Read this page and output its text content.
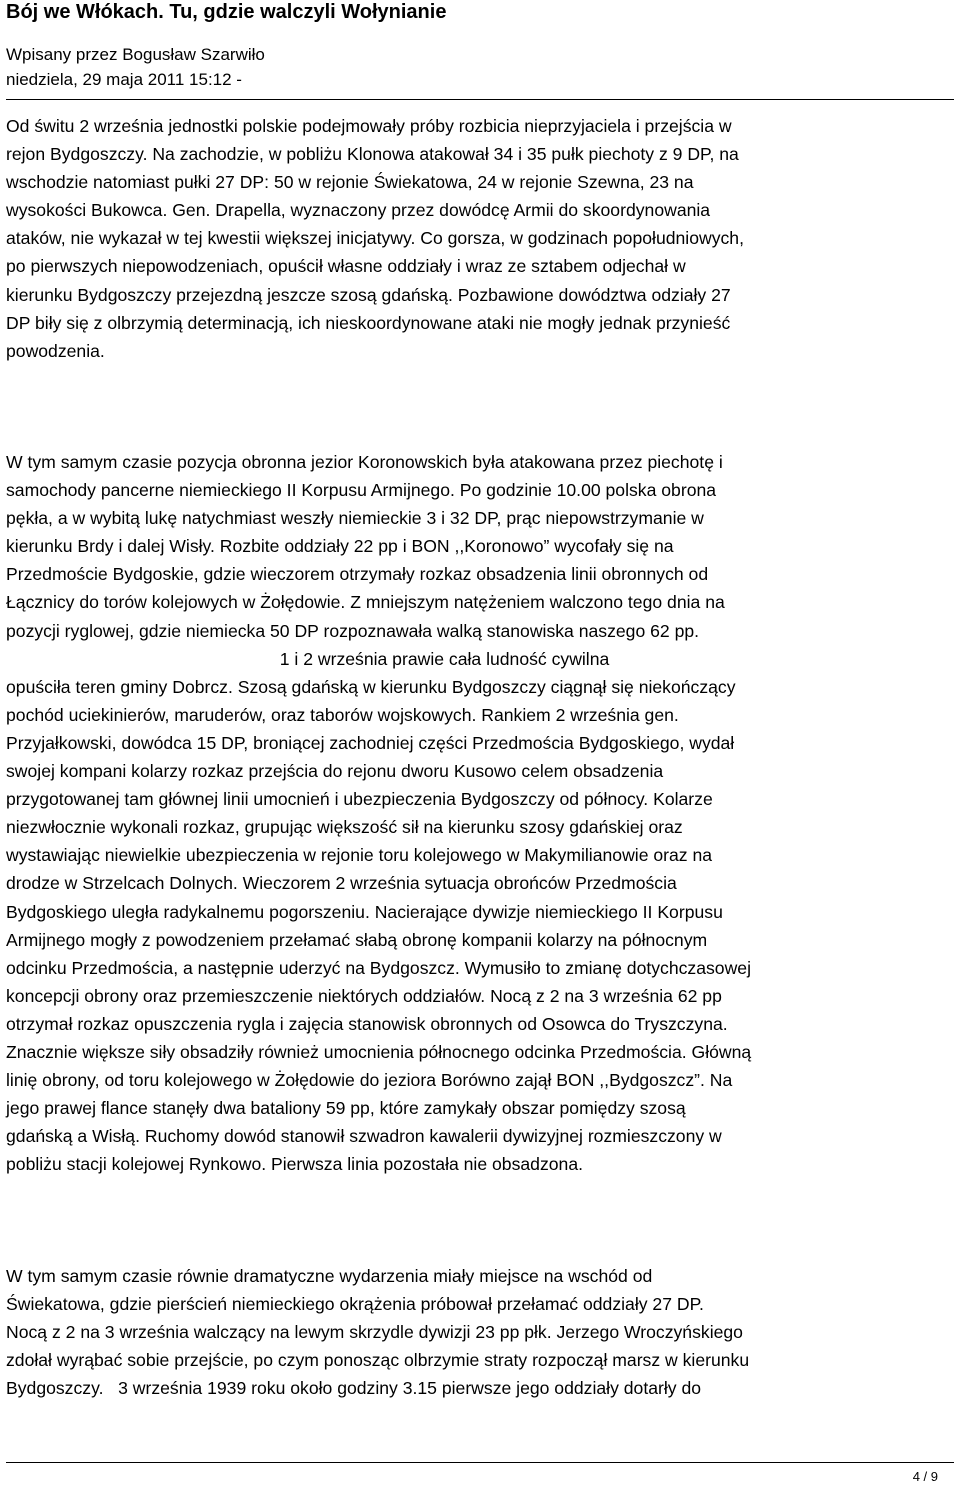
Bój we Włókach. Tu, gdzie walczyli Wołynianie
Wpisany przez Bogusław Szarwiło
niedziela, 29 maja 2011 15:12 -
Od świtu 2 września jednostki polskie podejmowały próby rozbicia nieprzyjaciela i przejścia w
rejon Bydgoszczy. Na zachodzie, w pobliżu Klonowa atakował 34 i 35 pułk piechoty z 9 DP, na
wschodzie natomiast pułki 27 DP: 50 w rejonie Świekatowa, 24 w rejonie Szewna, 23 na
wysokości Bukowca. Gen. Drapella, wyznaczony przez dowódcę Armii do skoordynowania
ataków, nie wykazał w tej kwestii większej inicjatywy. Co gorsza, w godzinach popołudniowych,
po pierwszych niepowodzeniach, opuścił własne oddziały i wraz ze sztabem odjechał w
kierunku Bydgoszczy przejezdną jeszcze szosą gdańską. Pozbawione dowództwa odziały 27
DP biły się z olbrzymią determinacją, ich nieskoordynowane ataki nie mogły jednak przynieść
powodzenia.
W tym samym czasie pozycja obronna jezior Koronowskich była atakowana przez piechotę i
samochody pancerne niemieckiego II Korpusu Armijnego. Po godzinie 10.00 polska obrona
pękła, a w wybitą lukę natychmiast weszły niemieckie 3 i 32 DP, prąc niepowstrzymanie w
kierunku Brdy i dalej Wisły. Rozbite oddziały 22 pp i BON ,,Koronowo” wycofały się na
Przedmoście Bydgoskie, gdzie wieczorem otrzymały rozkaz obsadzenia linii obronnych od
Łącznicy do torów kolejowych w Żołędowie. Z mniejszym natężeniem walczono tego dnia na
pozycji ryglowej, gdzie niemiecka 50 DP rozpoznawała walką stanowiska naszego 62 pp.
1 i 2 września prawie cała ludność cywilna
opuściła teren gminy Dobrcz. Szosą gdańską w kierunku Bydgoszczy ciągnął się niekończący
pochód uciekinierów, maruderów, oraz taborów wojskowych. Rankiem 2 września gen.
Przyjałkowski, dowódca 15 DP, broniącej zachodniej części Przedmościa Bydgoskiego, wydał
swojej kompani kolarzy rozkaz przejścia do rejonu dworu Kusowo celem obsadzenia
przygotowanej tam głównej linii umocnień i ubezpieczenia Bydgoszczy od północy. Kolarze
niezwłocznie wykonali rozkaz, grupując większość sił na kierunku szosy gdańskiej oraz
wystawiając niewielkie ubezpieczenia w rejonie toru kolejowego w Makymilianowie oraz na
drodze w Strzelcach Dolnych. Wieczorem 2 września sytuacja obrońców Przedmościa
Bydgoskiego uległa radykalnemu pogorszeniu. Nacierające dywizje niemieckiego II Korpusu
Armijnego mogły z powodzeniem przełamać słabą obronę kompanii kolarzy na północnym
odcinku Przedmościa, a następnie uderzyć na Bydgoszcz. Wymusiło to zmianę dotychczasowej
koncepcji obrony oraz przemieszczenie niektórych oddziałów. Nocą z 2 na 3 września 62 pp
otrzymał rozkaz opuszczenia rygla i zajęcia stanowisk obronnych od Osowca do Tryszczyna.
Znacznie większe siły obsadziły również umocnienia północnego odcinka Przedmościa. Główną
linię obrony, od toru kolejowego w Żołędowie do jeziora Borówno zajął BON ,,Bydgoszcz”. Na
jego prawej flance stanęły dwa bataliony 59 pp, które zamykały obszar pomiędzy szosą
gdańską a Wisłą. Ruchomy dowód stanowił szwadron kawalerii dywizyjnej rozmieszczony w
pobliżu stacji kolejowej Rynkowo. Pierwsza linia pozostała nie obsadzona.
W tym samym czasie równie dramatyczne wydarzenia miały miejsce na wschód od
Świekatowa, gdzie pierścień niemieckiego okrążenia próbował przełamać oddziały 27 DP.
Nocą z 2 na 3 września walczący na lewym skrzydle dywizji 23 pp płk. Jerzego Wroczyńskiego
zdołał wyrąbać sobie przejście, po czym ponosząc olbrzymie straty rozpoczął marsz w kierunku
Bydgoszczy.   3 września 1939 roku około godziny 3.15 pierwsze jego oddziały dotarły do
4 / 9
